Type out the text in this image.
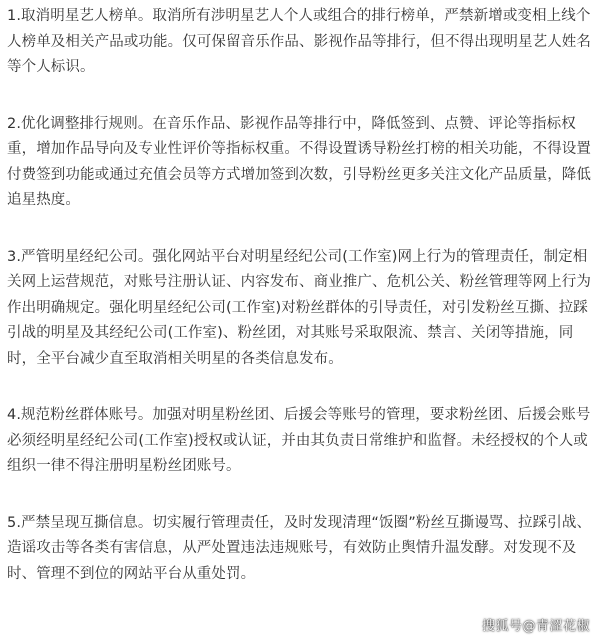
1.取消明星艺人榜单。取消所有涉明星艺人个人或组合的排行榜单，严禁新增或变相上线个人榜单及相关产品或功能。仅可保留音乐作品、影视作品等排行，但不得出现明星艺人姓名等个人标识。

2.优化调整排行规则。在音乐作品、影视作品等排行中，降低签到、点赞、评论等指标权重，增加作品导向及专业性评价等指标权重。不得设置诱导粉丝打榜的相关功能，不得设置付费签到功能或通过充值会员等方式增加签到次数，引导粉丝更多关注文化产品质量，降低追星热度。

3.严管明星经纪公司。强化网站平台对明星经纪公司(工作室)网上行为的管理责任，制定相关网上运营规范，对账号注册认证、内容发布、商业推广、危机公关、粉丝管理等网上行为作出明确规定。强化明星经纪公司(工作室)对粉丝群体的引导责任，对引发粉丝互撕、拉踩引战的明星及其经纪公司(工作室)、粉丝团，对其账号采取限流、禁言、关闭等措施，同时，全平台减少直至取消相关明星的各类信息发布。

4.规范粉丝群体账号。加强对明星粉丝团、后援会等账号的管理，要求粉丝团、后援会账号必须经明星经纪公司(工作室)授权或认证，并由其负责日常维护和监督。未经授权的个人或组织一律不得注册明星粉丝团账号。

5.严禁呈现互撕信息。切实履行管理责任，及时发现清理“饭圈”粉丝互撕谩骂、拉踩引战、造谣攻击等各类有害信息，从严处置违法违规账号，有效防止舆情升温发酵。对发现不及时、管理不到位的网站平台从重处罚。

搜狐号@青涩花椒
